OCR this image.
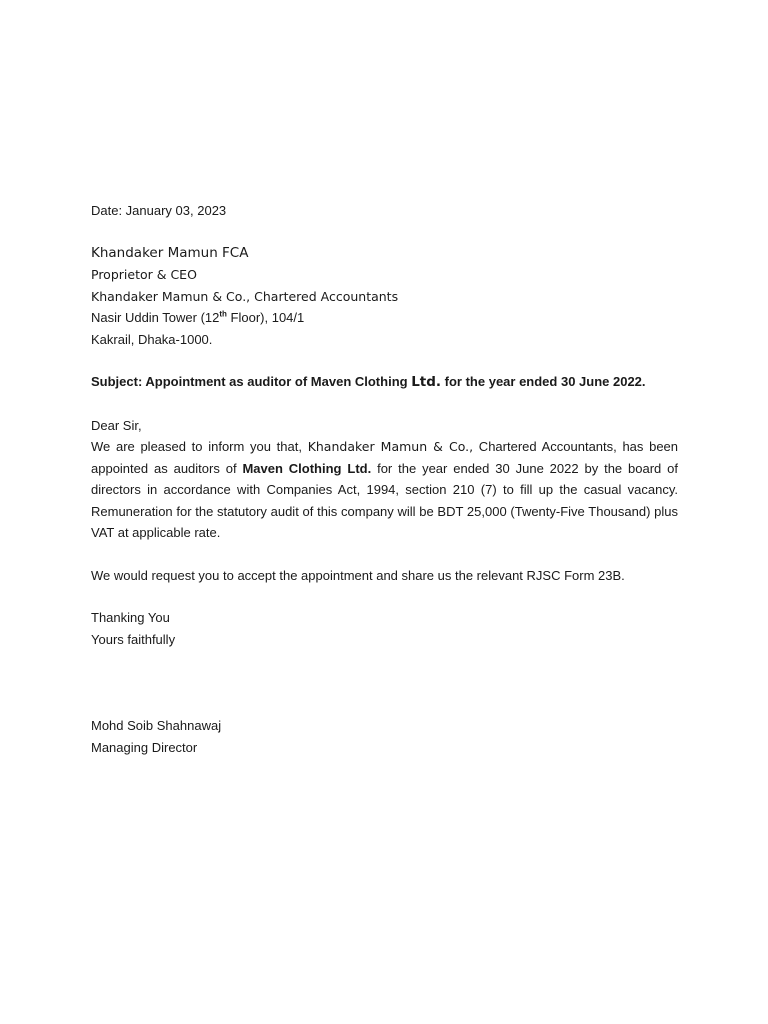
Date: January 03, 2023
Khandaker Mamun FCA
Proprietor & CEO
Khandaker Mamun & Co., Chartered Accountants
Nasir Uddin Tower (12th Floor), 104/1
Kakrail, Dhaka-1000.
Subject: Appointment as auditor of Maven Clothing Ltd. for the year ended 30 June 2022.
Dear Sir,

We are pleased to inform you that, Khandaker Mamun & Co., Chartered Accountants, has been appointed as auditors of Maven Clothing Ltd. for the year ended 30 June 2022 by the board of directors in accordance with Companies Act, 1994, section 210 (7) to fill up the casual vacancy. Remuneration for the statutory audit of this company will be BDT 25,000 (Twenty-Five Thousand) plus VAT at applicable rate.

We would request you to accept the appointment and share us the relevant RJSC Form 23B.
Thanking You
Yours faithfully
Mohd Soib Shahnawaj
Managing Director
